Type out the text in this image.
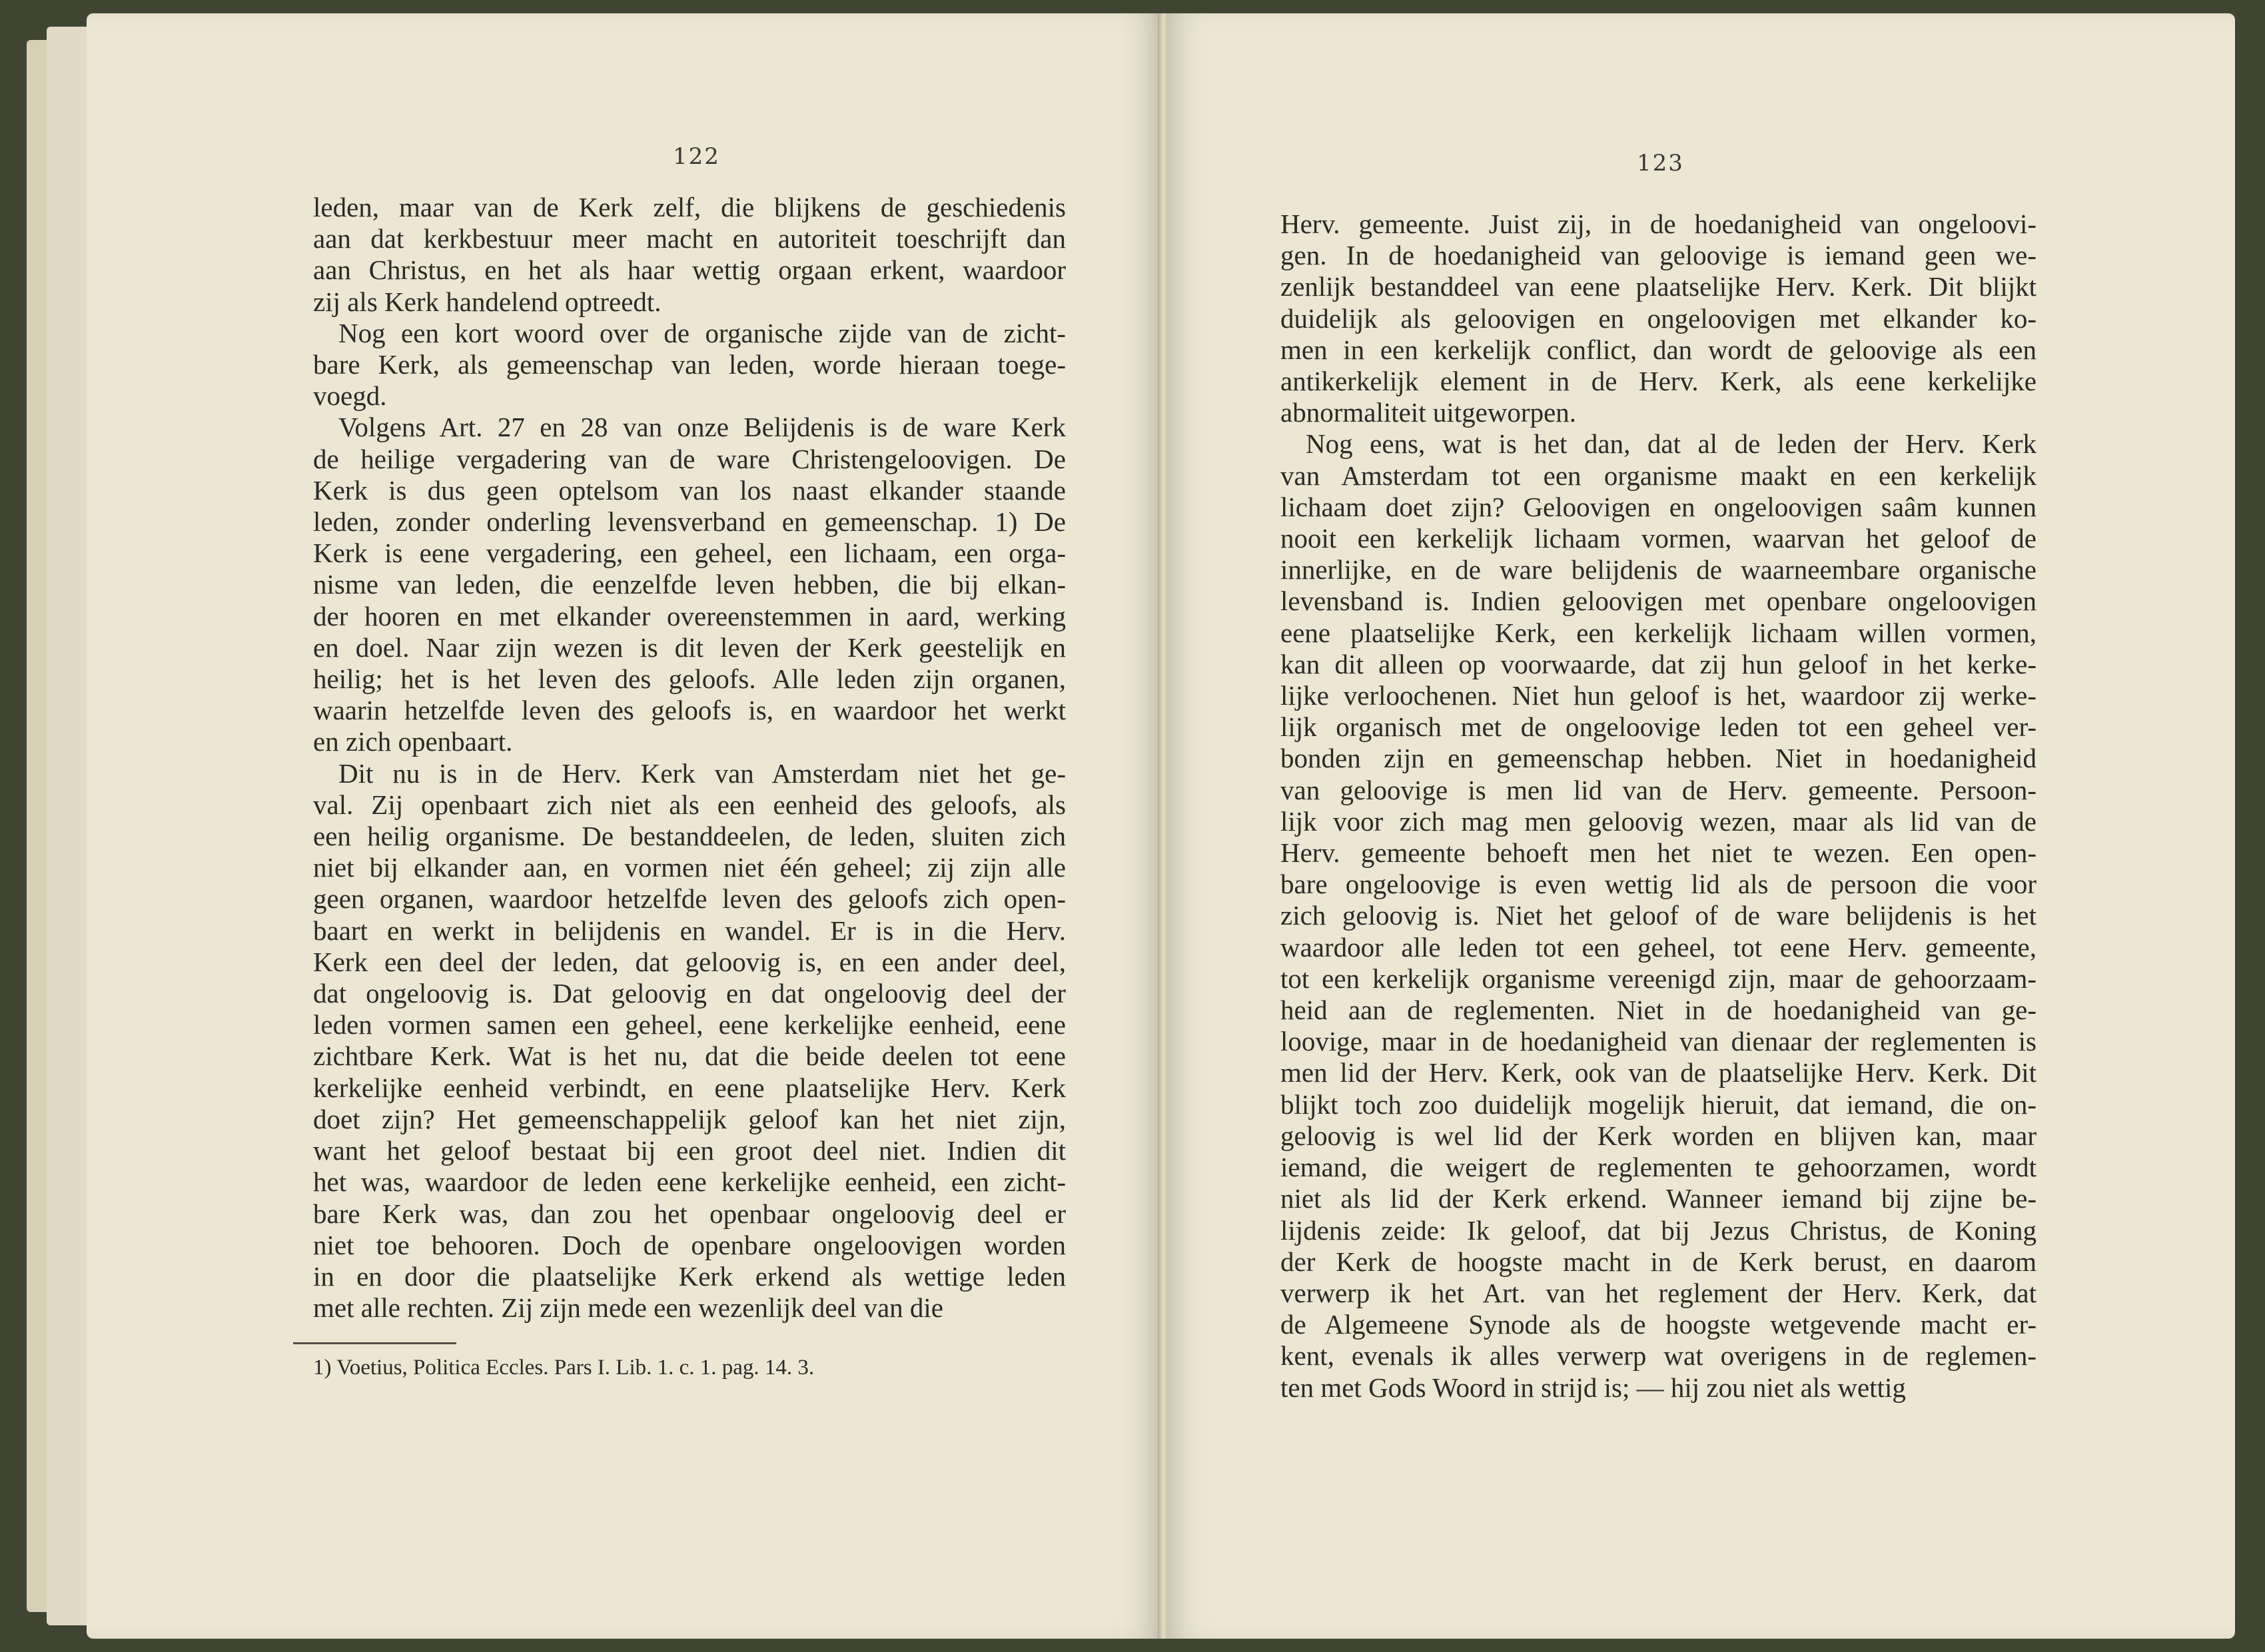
122	123

leden, maar van de Kerk zelf, die blijkens de geschiedenis

aan dat kerkbestuur meer macht en autoriteit toeschrijft dan

aan Christus, en het als haar wettig orgaan erkent, waardoor

zij als Kerk handelend optreedt.

Nog een kort woord over de organische zijde van de zicht-

bare Kerk, als gemeenschap van leden, worde hieraan toege-

voegd.

Volgens Art. 27 en 28 van onze Belijdenis is de ware Kerk

de heilige vergadering van de ware Christengeloovigen. De

Kerk is dus geen optelsom van los naast elkander staande

leden, zonder onderling levensverband en gemeenschap. 1) De

Kerk is eene vergadering, een geheel, een lichaam, een orga-

nisme van leden, die eenzelfde leven hebben, die bij elkan-

der hooren en met elkander overeenstemmen in aard, werking

en doel. Naar zijn wezen is dit leven der Kerk geestelijk en

heilig; het is het leven des geloofs. Alle leden zijn organen,

waarin hetzelfde leven des geloofs is, en waardoor het werkt

en zich openbaart.

Dit nu is in de Herv. Kerk van Amsterdam niet het ge-

val. Zij openbaart zich niet als een eenheid des geloofs, als

een heilig organisme. De bestanddeelen, de leden, sluiten zich

niet bij elkander aan, en vormen niet één geheel; zij zijn alle

geen organen, waardoor hetzelfde leven des geloofs zich open-

baart en werkt in belijdenis en wandel. Er is in die Herv.

Kerk een deel der leden, dat geloovig is, en een ander deel,

dat ongeloovig is. Dat geloovig en dat ongeloovig deel der

leden vormen samen een geheel, eene kerkelijke eenheid, eene

zichtbare Kerk. Wat is het nu, dat die beide deelen tot eene

kerkelijke eenheid verbindt, en eene plaatselijke Herv. Kerk

doet zijn? Het gemeenschappelijk geloof kan het niet zijn,

want het geloof bestaat bij een groot deel niet. Indien dit

het was, waardoor de leden eene kerkelijke eenheid, een zicht-

bare Kerk was, dan zou het openbaar ongeloovig deel er

niet toe behooren. Doch de openbare ongeloovigen worden

in en door die plaatselijke Kerk erkend als wettige leden

met alle rechten. Zij zijn mede een wezenlijk deel van die

1) Voetius, Politica Eccles. Pars I. Lib. 1. c. 1. pag. 14. 3.

Herv. gemeente. Juist zij, in de hoedanigheid van ongeloovi-

gen. In de hoedanigheid van geloovige is iemand geen we-

zenlijk bestanddeel van eene plaatselijke Herv. Kerk. Dit blijkt

duidelijk als geloovigen en ongeloovigen met elkander ko-

men in een kerkelijk conflict, dan wordt de geloovige als een

antikerkelijk element in de Herv. Kerk, als eene kerkelijke

abnormaliteit uitgeworpen.

Nog eens, wat is het dan, dat al de leden der Herv. Kerk

van Amsterdam tot een organisme maakt en een kerkelijk

lichaam doet zijn? Geloovigen en ongeloovigen saâm kunnen

nooit een kerkelijk lichaam vormen, waarvan het geloof de

innerlijke, en de ware belijdenis de waarneembare organische

levensband is. Indien geloovigen met openbare ongeloovigen

eene plaatselijke Kerk, een kerkelijk lichaam willen vormen,

kan dit alleen op voorwaarde, dat zij hun geloof in het kerke-

lijke verloochenen. Niet hun geloof is het, waardoor zij werke-

lijk organisch met de ongeloovige leden tot een geheel ver-

bonden zijn en gemeenschap hebben. Niet in hoedanigheid

van geloovige is men lid van de Herv. gemeente. Persoon-

lijk voor zich mag men geloovig wezen, maar als lid van de

Herv. gemeente behoeft men het niet te wezen. Een open-

bare ongeloovige is even wettig lid als de persoon die voor

zich geloovig is. Niet het geloof of de ware belijdenis is het

waardoor alle leden tot een geheel, tot eene Herv. gemeente,

tot een kerkelijk organisme vereenigd zijn, maar de gehoorzaam-

heid aan de reglementen. Niet in de hoedanigheid van ge-

loovige, maar in de hoedanigheid van dienaar der reglementen is

men lid der Herv. Kerk, ook van de plaatselijke Herv. Kerk. Dit

blijkt toch zoo duidelijk mogelijk hieruit, dat iemand, die on-

geloovig is wel lid der Kerk worden en blijven kan, maar

iemand, die weigert de reglementen te gehoorzamen, wordt

niet als lid der Kerk erkend. Wanneer iemand bij zijne be-

lijdenis zeide: Ik geloof, dat bij Jezus Christus, de Koning

der Kerk de hoogste macht in de Kerk berust, en daarom

verwerp ik het Art. van het reglement der Herv. Kerk, dat

de Algemeene Synode als de hoogste wetgevende macht er-

kent, evenals ik alles verwerp wat overigens in de reglemen-

ten met Gods Woord in strijd is; — hij zou niet als wettig
